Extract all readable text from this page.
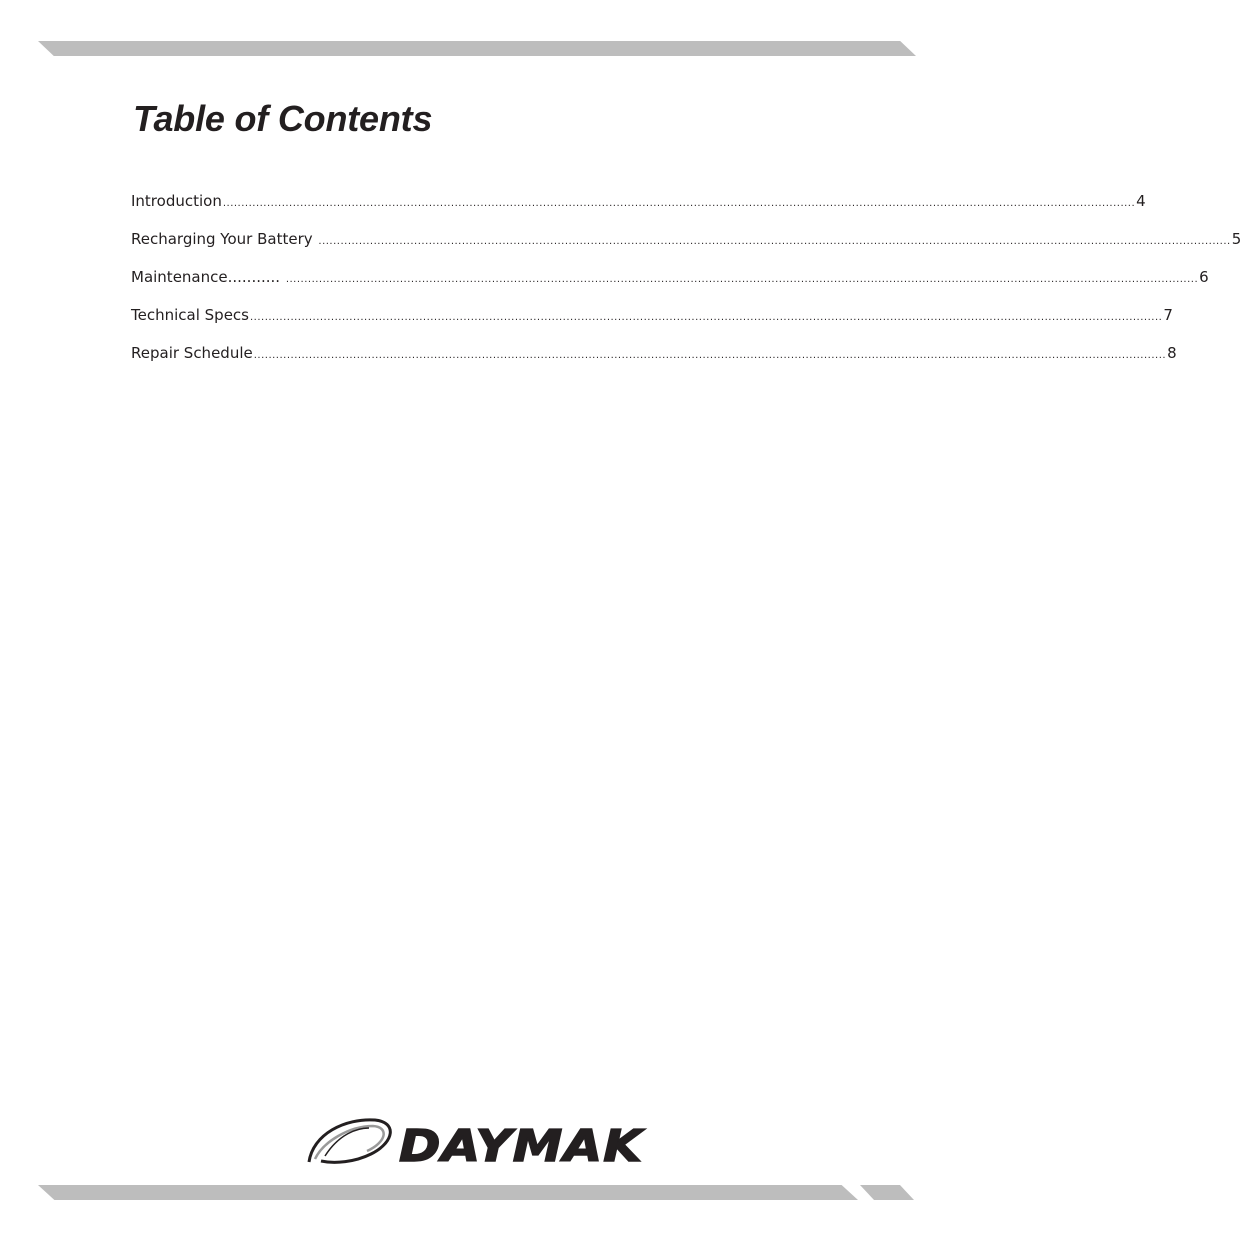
Table of Contents
Introduction ........................................................................................................................................................................................................................................................ 4
Recharging Your Battery ........................................................................................................................................................................................................................................................ 5
Maintenance........... ........................................................................................................................................................................................................................................................ 6
Technical Specs ........................................................................................................................................................................................................................................................ 7
Repair Schedule ........................................................................................................................................................................................................................................................ 8
DAYMAK
